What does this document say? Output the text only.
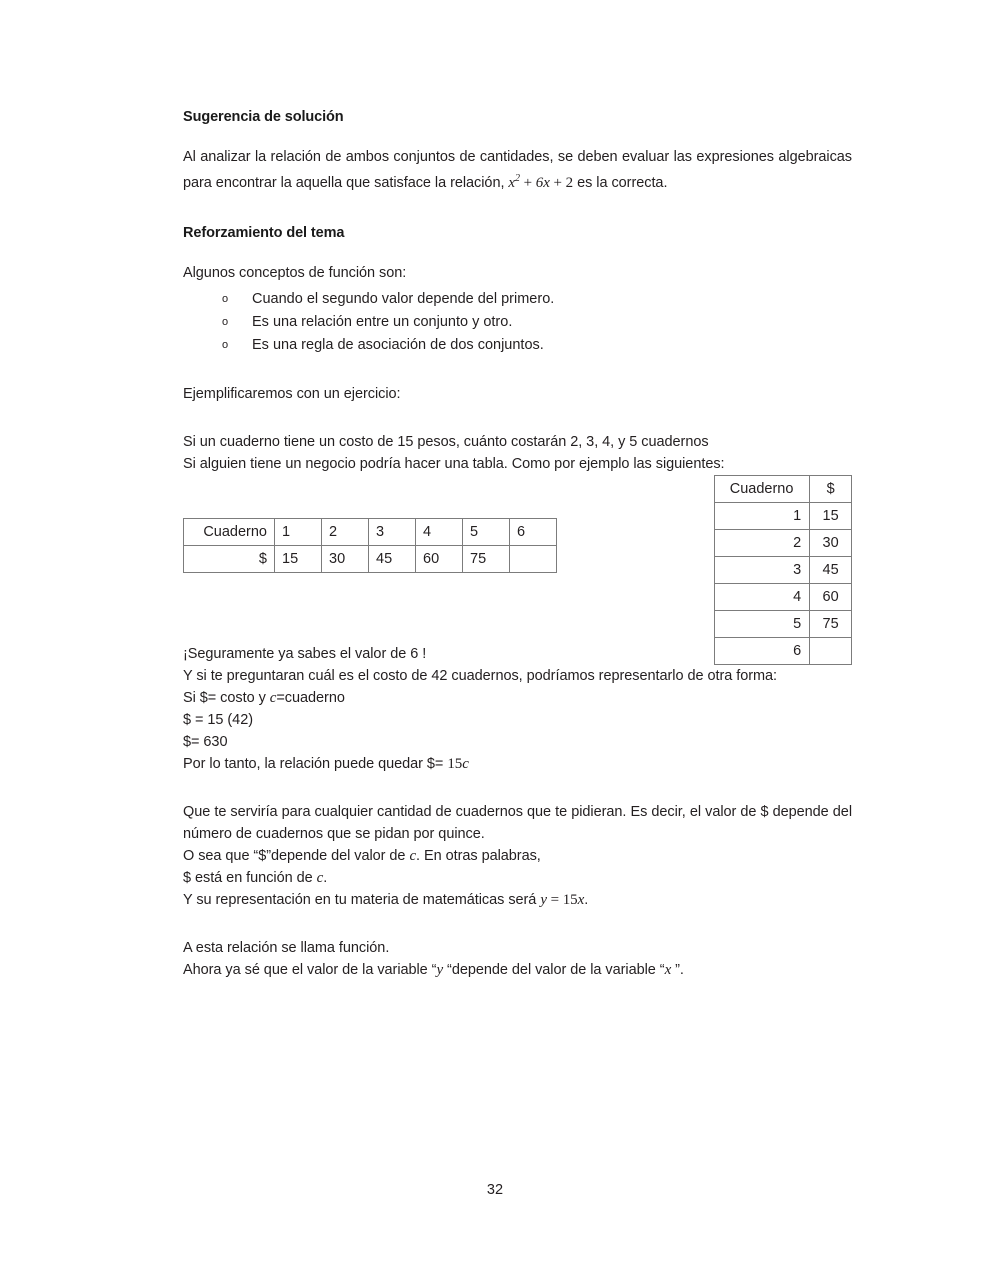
Sugerencia de solución

Al analizar la relación de ambos conjuntos de cantidades, se deben evaluar las expresiones algebraicas para encontrar la aquella que satisface la relación, $x^2 + 6x + 2$ es la correcta.

Reforzamiento del tema

Algunos conceptos de función son:

o Cuando el segundo valor depende del primero.
o Es una relación entre un conjunto y otro.
o Es una regla de asociación de dos conjuntos.

Ejemplificaremos con un ejercicio:

Si un cuaderno tiene un costo de 15 pesos, cuánto costarán 2, 3, 4, y 5 cuadernos

Si alguien tiene un negocio podría hacer una tabla. Como por ejemplo las siguientes:

Cuaderno	1	2	3	4	5	6
$	15	30	45	60	75	
Cuaderno	$
1	15
2	30
3	45
4	60
5	75
6	

¡Seguramente ya sabes el valor de 6 !

Y si te preguntaran cuál es el costo de 42 cuadernos, podríamos representarlo de otra forma:

Si $= costo y c=cuaderno

$ = 15 (42)

$= 630

Por lo tanto, la relación puede quedar $= 15c

Que te serviría para cualquier cantidad de cuadernos que te pidieran. Es decir, el valor de $ depende del número de cuadernos que se pidan por quince.

O sea que “$”depende del valor de c. En otras palabras,

$ está en función de c.

Y su representación en tu materia de matemáticas será y = 15x.

A esta relación se llama función.

Ahora ya sé que el valor de la variable “y “depende del valor de la variable “x ”.

32
